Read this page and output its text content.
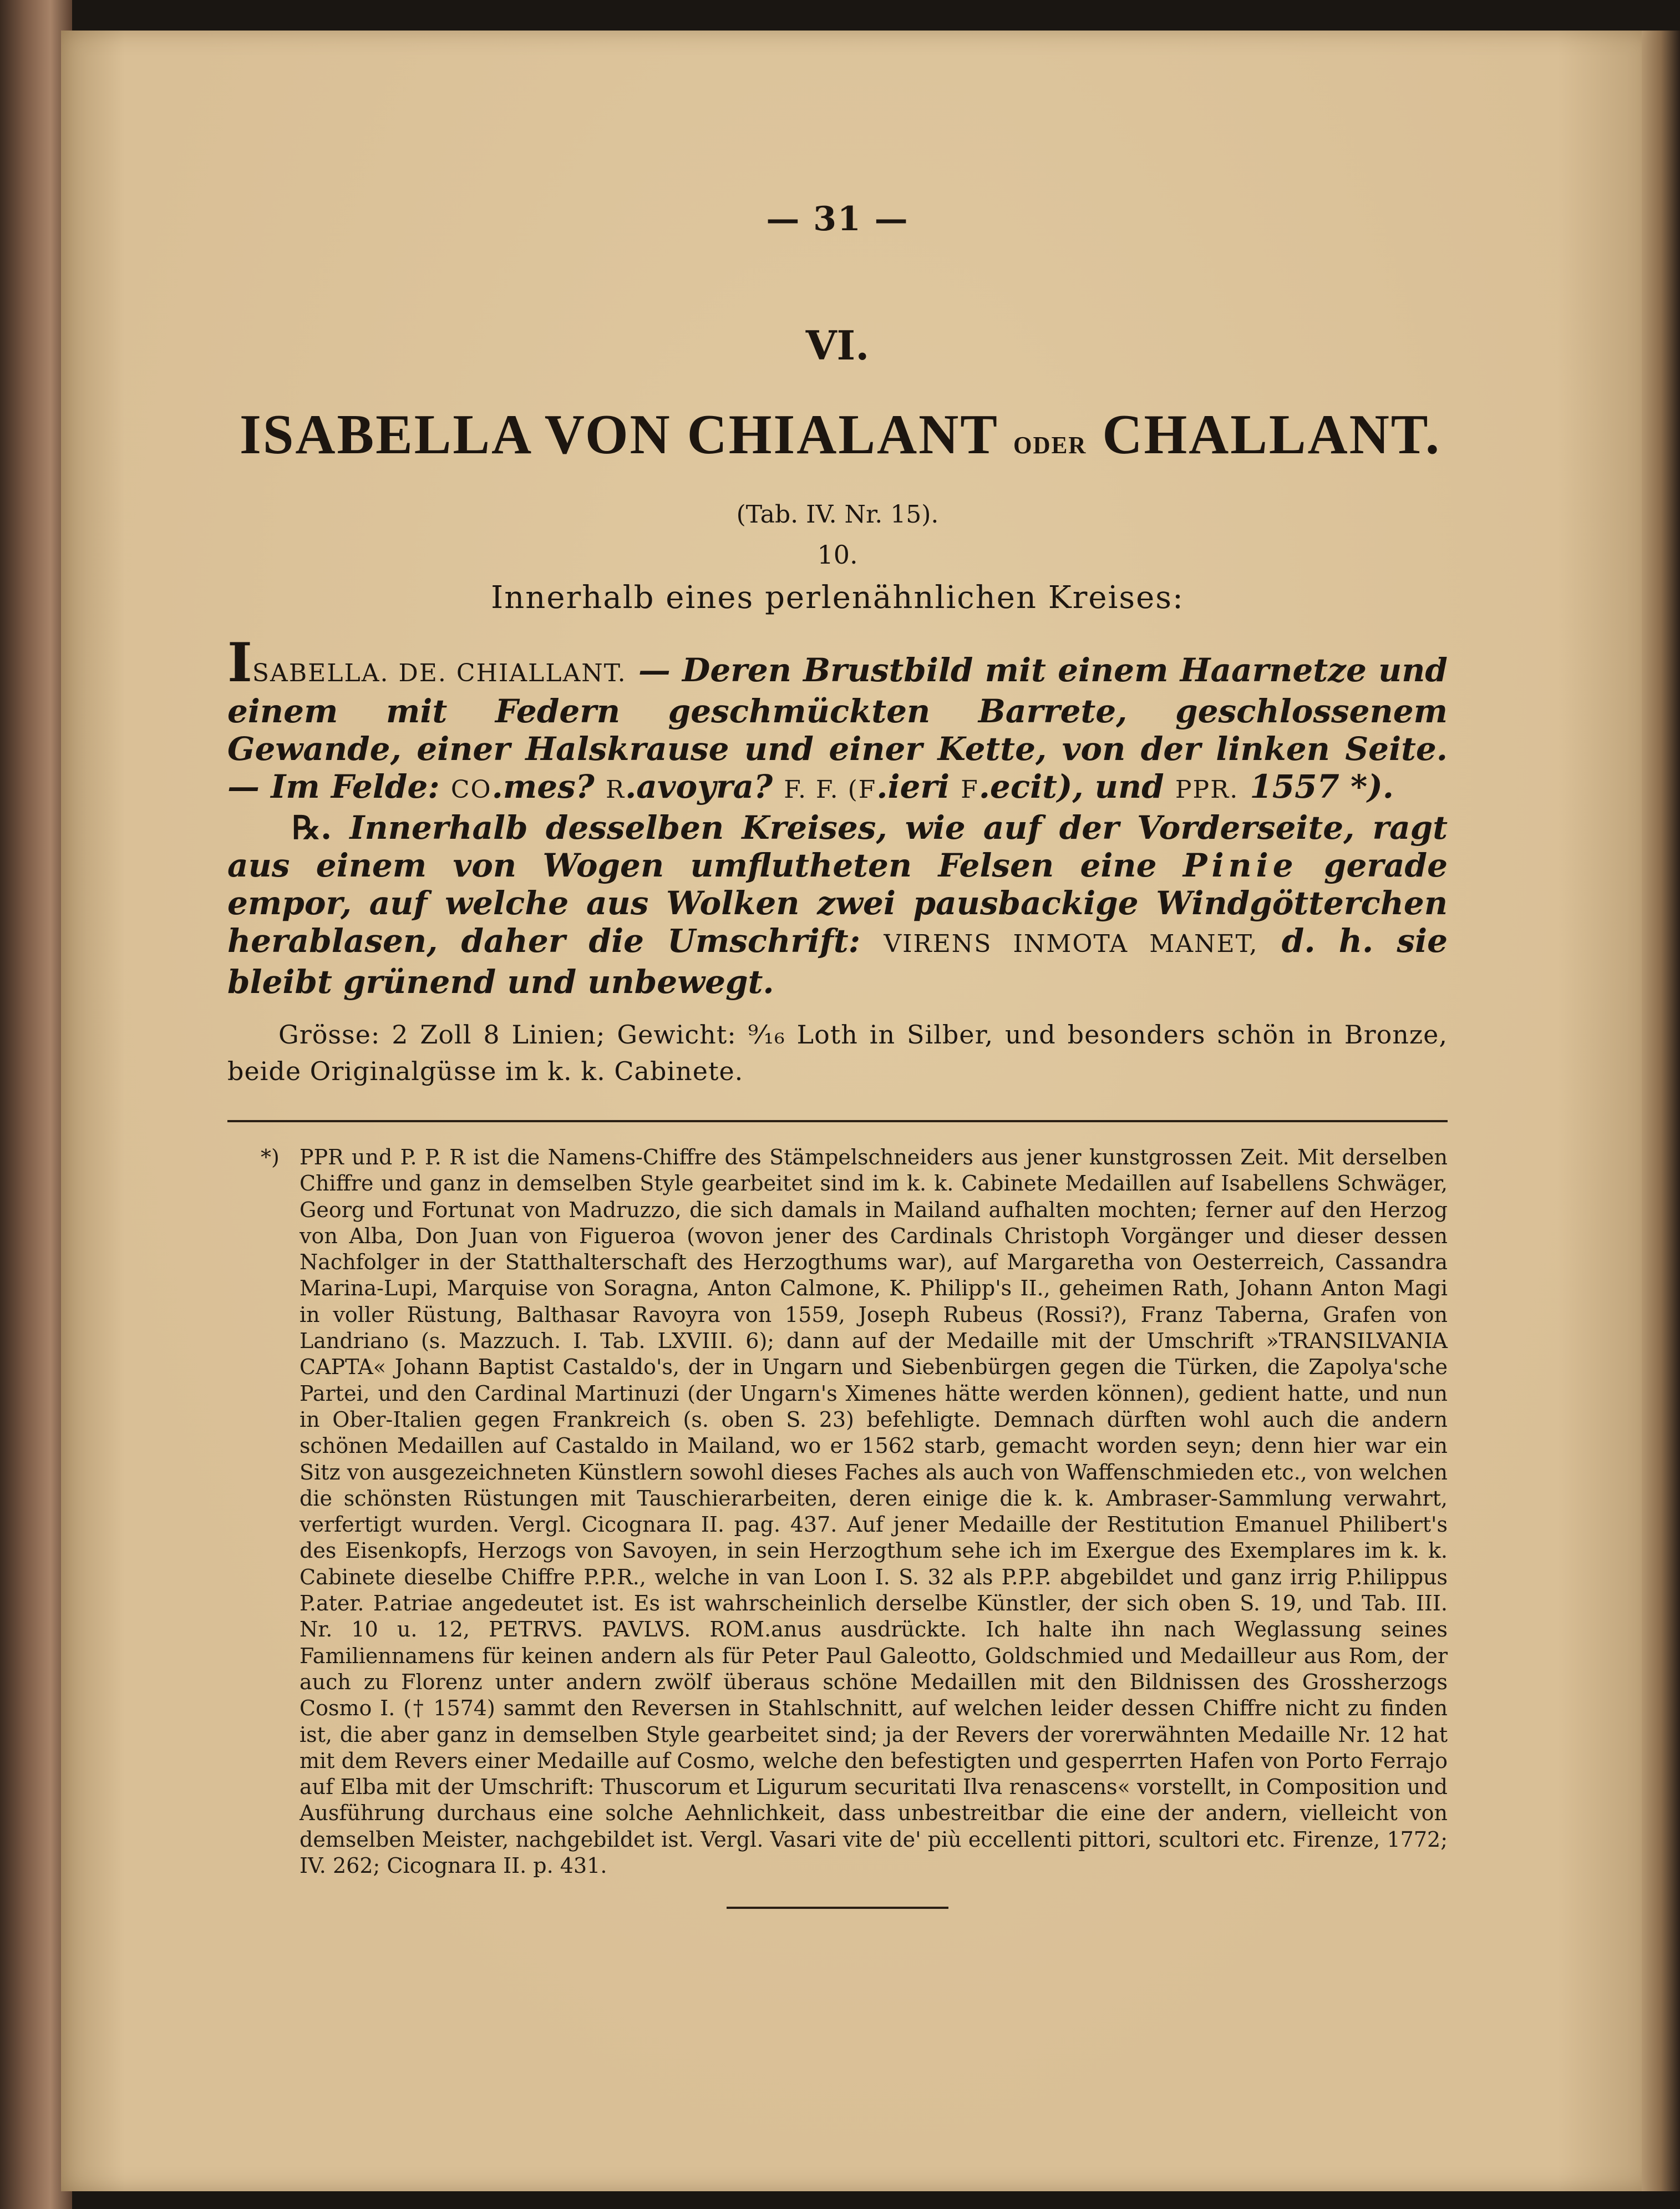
— 31 —
VI.
ISABELLA VON CHIALANT ODER CHALLANT.
(Tab. IV. Nr. 15).
10.
Innerhalb eines perlenähnlichen Kreises:

ISABELLA. DE. CHIALLANT. — Deren Brustbild mit einem Haarnetze und einem mit Federn geschmückten Barrete, geschlossenem Gewande, einer Halskrause und einer Kette, von der linken Seite. — Im Felde: CO.mes? R.avoyra? F. F. (F.ieri F.ecit), und PPR. 1557 *).

℞. Innerhalb desselben Kreises, wie auf der Vorderseite, ragt aus einem von Wogen umflutheten Felsen eine Pinie gerade empor, auf welche aus Wolken zwei pausbackige Windgötterchen herablasen, daher die Umschrift: VIRENS INMOTA MANET, d. h. sie bleibt grünend und unbewegt.

Grösse: 2 Zoll 8 Linien; Gewicht: ⁹⁄₁₆ Loth in Silber, und besonders schön in Bronze, beide Originalgüsse im k. k. Cabinete.
*) PPR und P. P. R ist die Namens-Chiffre des Stämpelschneiders aus jener kunstgrossen Zeit. Mit derselben Chiffre und ganz in demselben Style gearbeitet sind im k. k. Cabinete Medaillen auf Isabellens Schwäger, Georg und Fortunat von Madruzzo, die sich damals in Mailand aufhalten mochten; ferner auf den Herzog von Alba, Don Juan von Figueroa (wovon jener des Cardinals Christoph Vorgänger und dieser dessen Nachfolger in der Statthalterschaft des Herzogthums war), auf Margaretha von Oesterreich, Cassandra Marina-Lupi, Marquise von Soragna, Anton Calmone, K. Philipp's II., geheimen Rath, Johann Anton Magi in voller Rüstung, Balthasar Ravoyra von 1559, Joseph Rubeus (Rossi?), Franz Taberna, Grafen von Landriano (s. Mazzuch. I. Tab. LXVIII. 6); dann auf der Medaille mit der Umschrift »TRANSILVANIA CAPTA« Johann Baptist Castaldo's, der in Ungarn und Siebenbürgen gegen die Türken, die Zapolya'sche Partei, und den Cardinal Martinuzi (der Ungarn's Ximenes hätte werden können), gedient hatte, und nun in Ober-Italien gegen Frankreich (s. oben S. 23) befehligte. Demnach dürften wohl auch die andern schönen Medaillen auf Castaldo in Mailand, wo er 1562 starb, gemacht worden seyn; denn hier war ein Sitz von ausgezeichneten Künstlern sowohl dieses Faches als auch von Waffenschmieden etc., von welchen die schönsten Rüstungen mit Tauschierarbeiten, deren einige die k. k. Ambraser-Sammlung verwahrt, verfertigt wurden. Vergl. Cicognara II. pag. 437. Auf jener Medaille der Restitution Emanuel Philibert's des Eisenkopfs, Herzogs von Savoyen, in sein Herzogthum sehe ich im Exergue des Exemplares im k. k. Cabinete dieselbe Chiffre P.P.R., welche in van Loon I. S. 32 als P.P.P. abgebildet und ganz irrig P.hilippus P.ater. P.atriae angedeutet ist. Es ist wahrscheinlich derselbe Künstler, der sich oben S. 19, und Tab. III. Nr. 10 u. 12, PETRVS. PAVLVS. ROM.anus ausdrückte. Ich halte ihn nach Weglassung seines Familiennamens für keinen andern als für Peter Paul Galeotto, Goldschmied und Medailleur aus Rom, der auch zu Florenz unter andern zwölf überaus schöne Medaillen mit den Bildnissen des Grossherzogs Cosmo I. († 1574) sammt den Reversen in Stahlschnitt, auf welchen leider dessen Chiffre nicht zu finden ist, die aber ganz in demselben Style gearbeitet sind; ja der Revers der vorerwähnten Medaille Nr. 12 hat mit dem Revers einer Medaille auf Cosmo, welche den befestigten und gesperrten Hafen von Porto Ferrajo auf Elba mit der Umschrift: Thuscorum et Ligurum securitati Ilva renascens« vorstellt, in Composition und Ausführung durchaus eine solche Aehnlichkeit, dass unbestreitbar die eine der andern, vielleicht von demselben Meister, nachgebildet ist. Vergl. Vasari vite de' più eccellenti pittori, scultori etc. Firenze, 1772; IV. 262; Cicognara II. p. 431.
